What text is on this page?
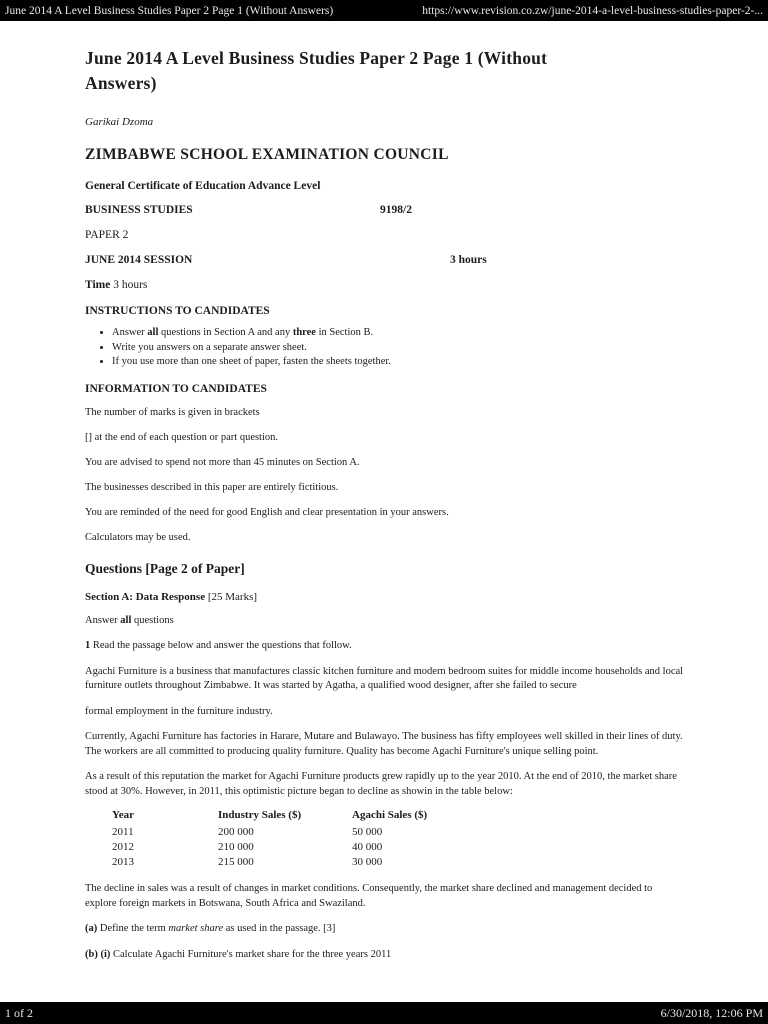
June 2014 A Level Business Studies Paper 2 Page 1 (Without Answers)	https://www.revision.co.zw/june-2014-a-level-business-studies-paper-2-...
June 2014 A Level Business Studies Paper 2 Page 1 (Without Answers)
Garikai Dzoma
ZIMBABWE SCHOOL EXAMINATION COUNCIL
General Certificate of Education Advance Level
BUSINESS STUDIES	9198/2
PAPER 2
JUNE 2014 SESSION	3 hours
Time 3 hours
INSTRUCTIONS TO CANDIDATES
• Answer all questions in Section A and any three in Section B.
• Write you answers on a separate answer sheet.
• If you use more than one sheet of paper, fasten the sheets together.
INFORMATION TO CANDIDATES
The number of marks is given in brackets
[] at the end of each question or part question.
You are advised to spend not more than 45 minutes on Section A.
The businesses described in this paper are entirely fictitious.
You are reminded of the need for good English and clear presentation in your answers.
Calculators may be used.
Questions [Page 2 of Paper]
Section A: Data Response [25 Marks]
Answer all questions
1 Read the passage below and answer the questions that follow.
Agachi Furniture is a business that manufactures classic kitchen furniture and modern bedroom suites for middle income households and local furniture outlets throughout Zimbabwe. It was started by Agatha, a qualified wood designer, after she failed to secure
formal employment in the furniture industry.
Currently, Agachi Furniture has factories in Harare, Mutare and Bulawayo. The business has fifty employees well skilled in their lines of duty. The workers are all committed to producing quality furniture. Quality has become Agachi Furniture's unique selling point.
As a result of this reputation the market for Agachi Furniture products grew rapidly up to the year 2010. At the end of 2010, the market share stood at 30%. However, in 2011, this optimistic picture began to decline as showin in the table below:
Year	Industry Sales ($)	Agachi Sales ($)
2011	200 000	50 000
2012	210 000	40 000
2013	215 000	30 000
The decline in sales was a result of changes in market conditions. Consequently, the market share declined and management decided to explore foreign markets in Botswana, South Africa and Swaziland.
(a) Define the term market share as used in the passage. [3]
(b) (i) Calculate Agachi Furniture's market share for the three years 2011
1 of 2	6/30/2018, 12:06 PM
